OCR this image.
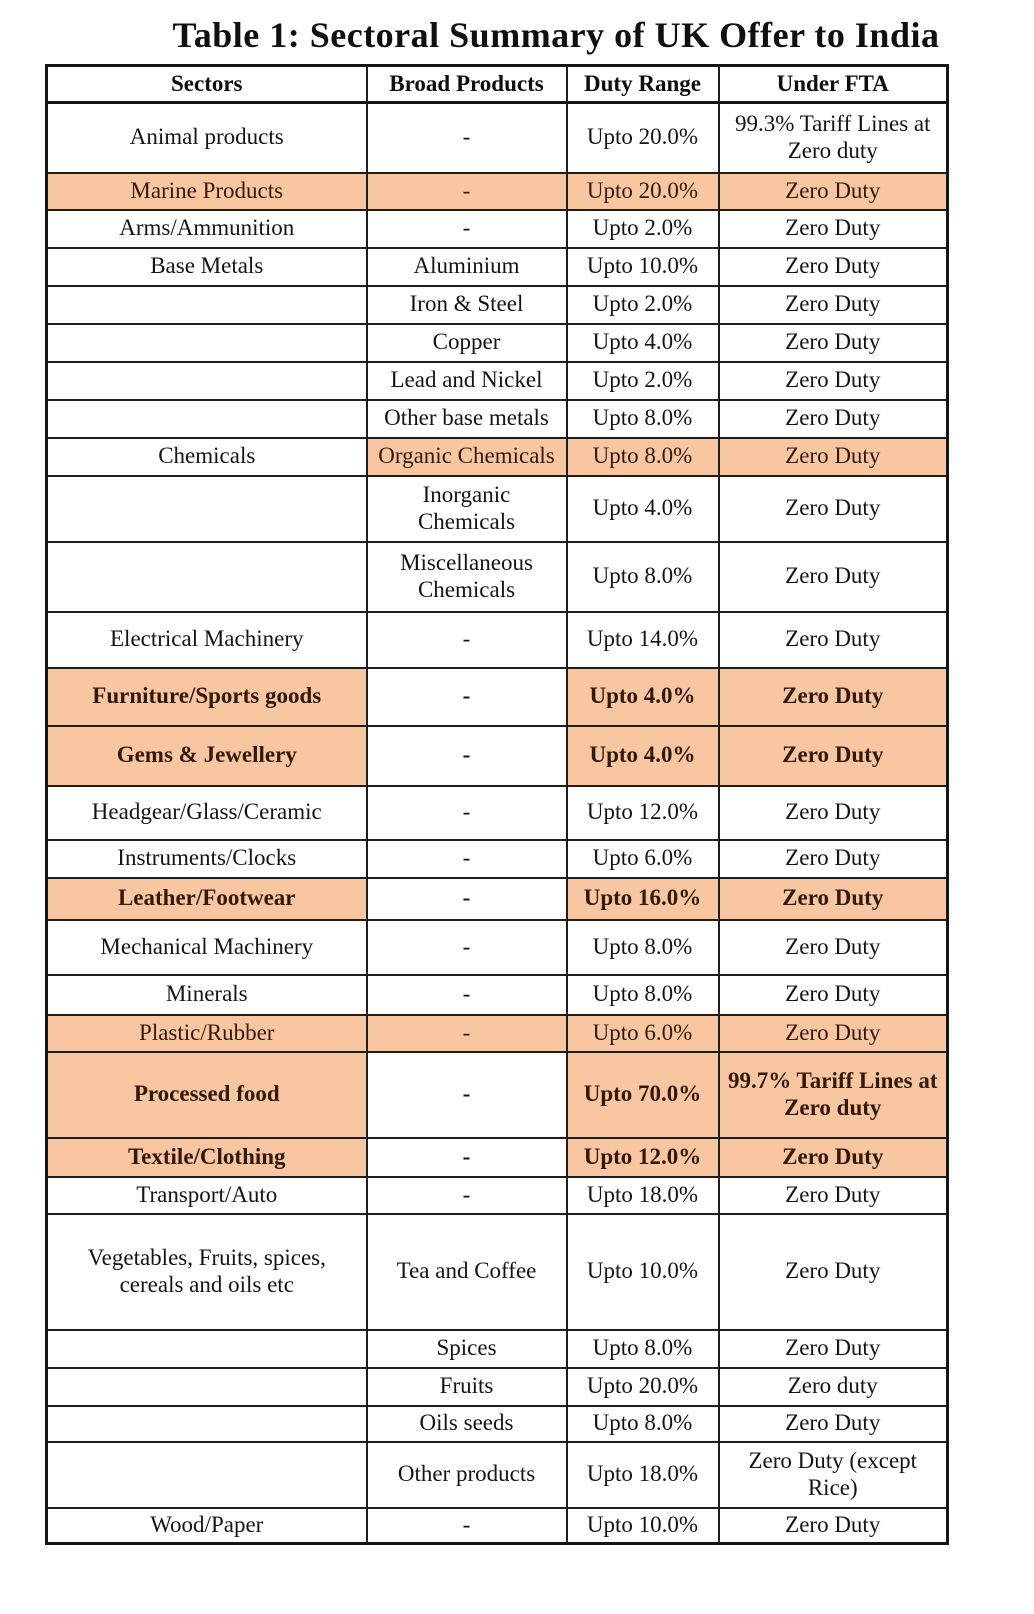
Table 1: Sectoral Summary of UK Offer to India
Sectors	Broad Products	Duty Range	Under FTA
Animal products	-	Upto 20.0%	99.3% Tariff Lines at Zero duty
Marine Products	-	Upto 20.0%	Zero Duty
Arms/Ammunition	-	Upto 2.0%	Zero Duty
Base Metals	Aluminium	Upto 10.0%	Zero Duty
	Iron & Steel	Upto 2.0%	Zero Duty
	Copper	Upto 4.0%	Zero Duty
	Lead and Nickel	Upto 2.0%	Zero Duty
	Other base metals	Upto 8.0%	Zero Duty
Chemicals	Organic Chemicals	Upto 8.0%	Zero Duty
	Inorganic Chemicals	Upto 4.0%	Zero Duty
	Miscellaneous Chemicals	Upto 8.0%	Zero Duty
Electrical Machinery	-	Upto 14.0%	Zero Duty
Furniture/Sports goods	-	Upto 4.0%	Zero Duty
Gems & Jewellery	-	Upto 4.0%	Zero Duty
Headgear/Glass/Ceramic	-	Upto 12.0%	Zero Duty
Instruments/Clocks	-	Upto 6.0%	Zero Duty
Leather/Footwear	-	Upto 16.0%	Zero Duty
Mechanical Machinery	-	Upto 8.0%	Zero Duty
Minerals	-	Upto 8.0%	Zero Duty
Plastic/Rubber	-	Upto 6.0%	Zero Duty
Processed food	-	Upto 70.0%	99.7% Tariff Lines at Zero duty
Textile/Clothing	-	Upto 12.0%	Zero Duty
Transport/Auto	-	Upto 18.0%	Zero Duty
Vegetables, Fruits, spices, cereals and oils etc	Tea and Coffee	Upto 10.0%	Zero Duty
	Spices	Upto 8.0%	Zero Duty
	Fruits	Upto 20.0%	Zero duty
	Oils seeds	Upto 8.0%	Zero Duty
	Other products	Upto 18.0%	Zero Duty (except Rice)
Wood/Paper	-	Upto 10.0%	Zero Duty
